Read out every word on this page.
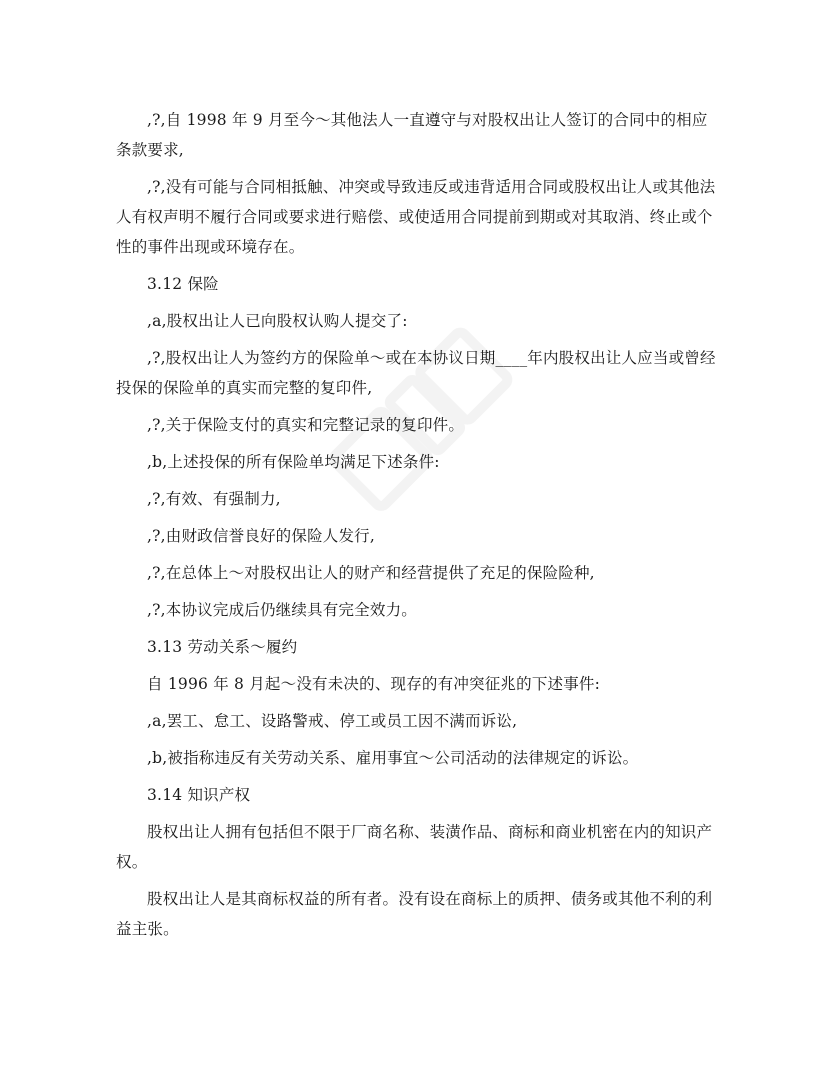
,?,自 1998 年 9 月至今～其他法人一直遵守与对股权出让人签订的合同中的相应条款要求,

,?,没有可能与合同相抵触、冲突或导致违反或违背适用合同或股权出让人或其他法人有权声明不履行合同或要求进行赔偿、或使适用合同提前到期或对其取消、终止或个性的事件出现或环境存在。

3.12 保险

,a,股权出让人已向股权认购人提交了:

,?,股权出让人为签约方的保险单～或在本协议日期____年内股权出让人应当或曾经投保的保险单的真实而完整的复印件,

,?,关于保险支付的真实和完整记录的复印件。

,b,上述投保的所有保险单均满足下述条件:

,?,有效、有强制力,

,?,由财政信誉良好的保险人发行,

,?,在总体上～对股权出让人的财产和经营提供了充足的保险险种,

,?,本协议完成后仍继续具有完全效力。

3.13 劳动关系～履约

自 1996 年 8 月起～没有未决的、现存的有冲突征兆的下述事件:

,a,罢工、怠工、设路警戒、停工或员工因不满而诉讼,

,b,被指称违反有关劳动关系、雇用事宜～公司活动的法律规定的诉讼。

3.14 知识产权

股权出让人拥有包括但不限于厂商名称、装潢作品、商标和商业机密在内的知识产权。

股权出让人是其商标权益的所有者。没有设在商标上的质押、债务或其他不利的利益主张。
